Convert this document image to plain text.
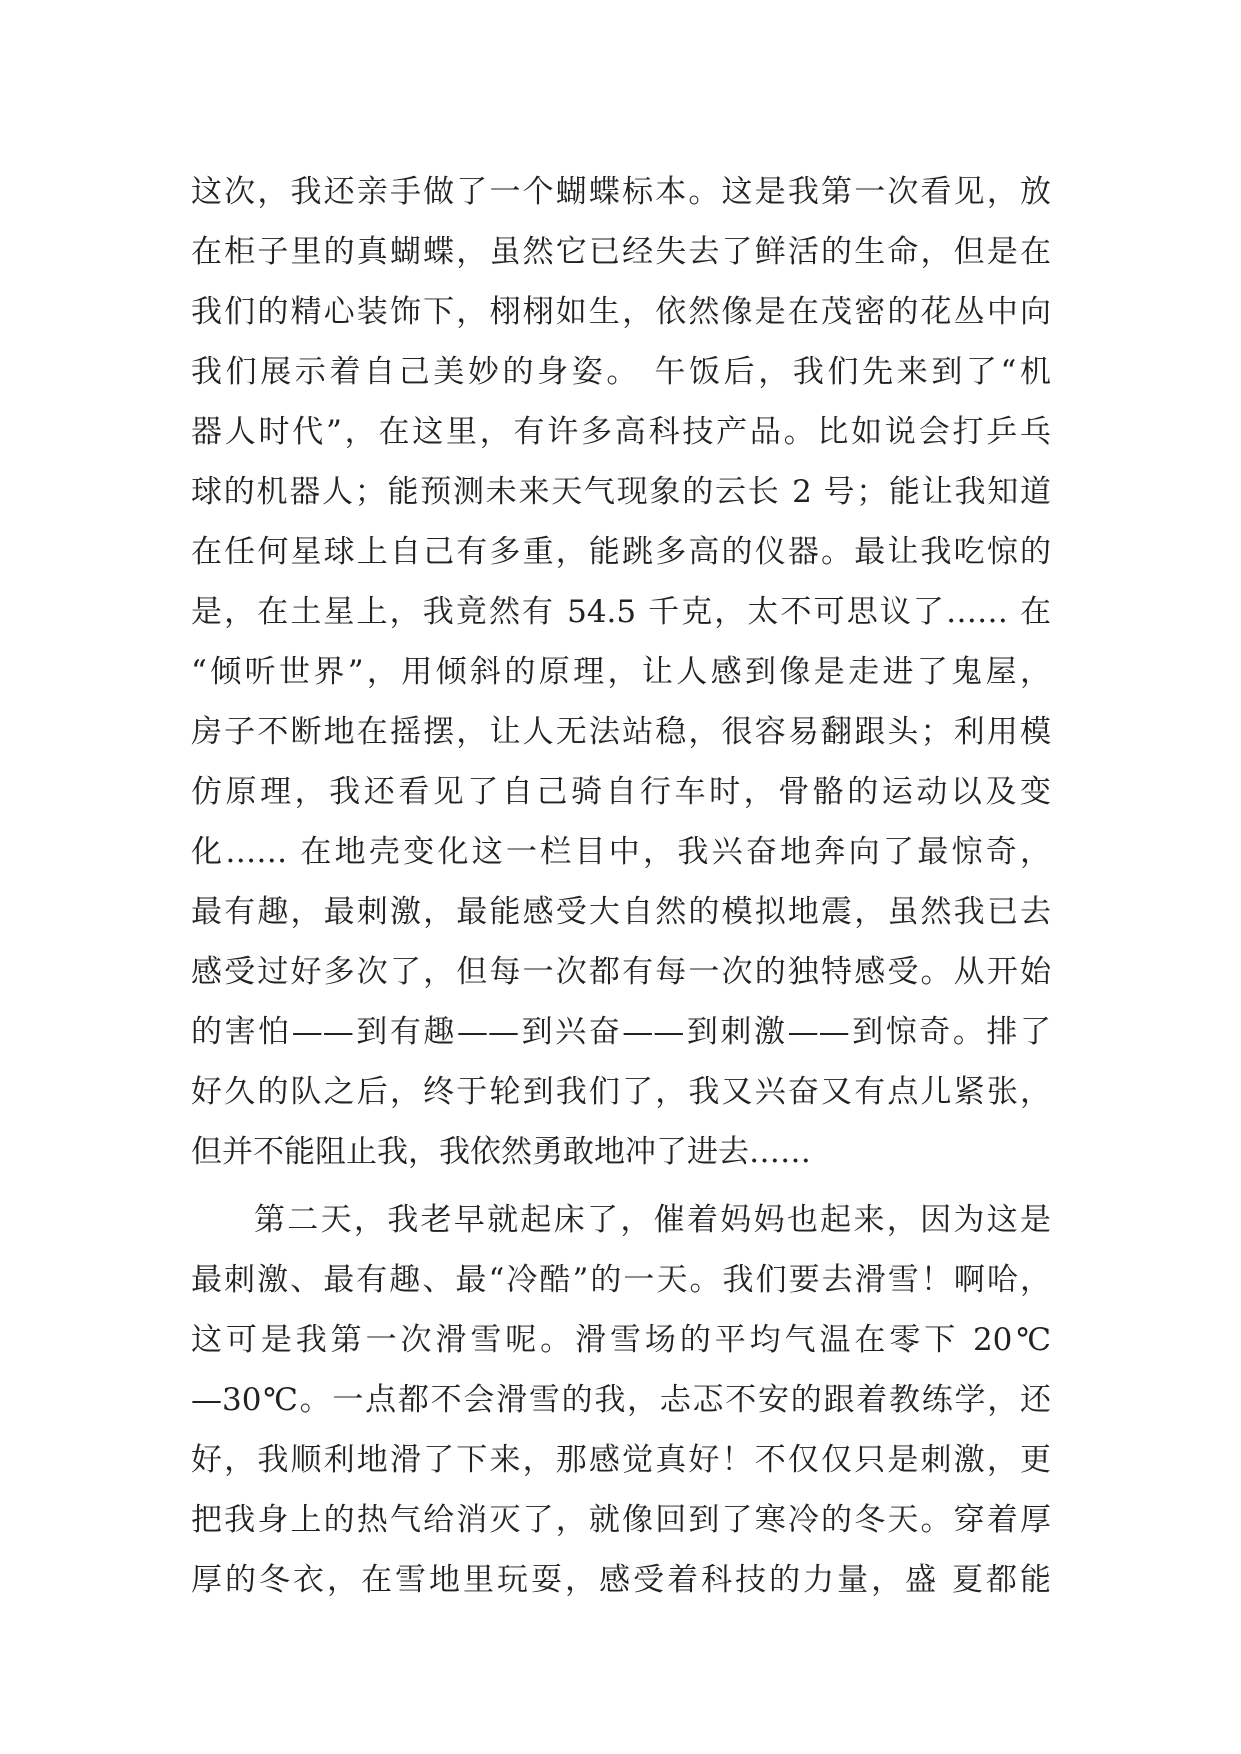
这次，我还亲手做了一个蝴蝶标本。这是我第一次看见，放
在柜子里的真蝴蝶，虽然它已经失去了鲜活的生命，但是在
我们的精心装饰下，栩栩如生，依然像是在茂密的花丛中向
我们展示着自己美妙的身姿。 午饭后，我们先来到了“机
器人时代”，在这里，有许多高科技产品。比如说会打乒乓
球的机器人；能预测未来天气现象的云长 2 号；能让我知道
在任何星球上自己有多重，能跳多高的仪器。最让我吃惊的
是，在土星上，我竟然有 54.5 千克，太不可思议了…… 在
“倾听世界”，用倾斜的原理，让人感到像是走进了鬼屋，
房子不断地在摇摆，让人无法站稳，很容易翻跟头；利用模
仿原理，我还看见了自己骑自行车时，骨骼的运动以及变
化…… 在地壳变化这一栏目中，我兴奋地奔向了最惊奇，
最有趣，最刺激，最能感受大自然的模拟地震，虽然我已去
感受过好多次了，但每一次都有每一次的独特感受。从开始
的害怕——到有趣——到兴奋——到刺激——到惊奇。排了
好久的队之后，终于轮到我们了，我又兴奋又有点儿紧张，
但并不能阻止我，我依然勇敢地冲了进去……
第二天，我老早就起床了，催着妈妈也起来，因为这是
最刺激、最有趣、最“冷酷”的一天。我们要去滑雪！啊哈，
这可是我第一次滑雪呢。滑雪场的平均气温在零下 20℃
—30℃。一点都不会滑雪的我，忐忑不安的跟着教练学，还
好，我顺利地滑了下来，那感觉真好！不仅仅只是刺激，更
把我身上的热气给消灭了，就像回到了寒冷的冬天。穿着厚
厚的冬衣，在雪地里玩耍，感受着科技的力量，盛 夏都能
